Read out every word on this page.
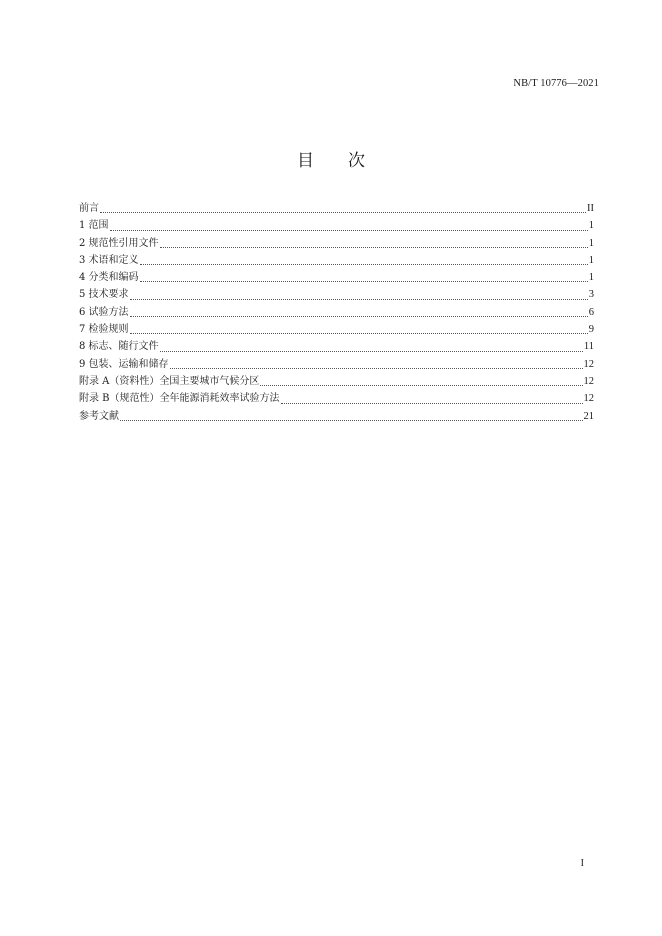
NB/T 10776—2021
目　　次
前言	II
1 范围	1
2 规范性引用文件	1
3 术语和定义	1
4 分类和编码	1
5 技术要求	3
6 试验方法	6
7 检验规则	9
8 标志、随行文件	11
9 包装、运输和储存	12
附录 A（资料性）全国主要城市气候分区	12
附录 B（规范性）全年能源消耗效率试验方法	12
参考文献	21
I
